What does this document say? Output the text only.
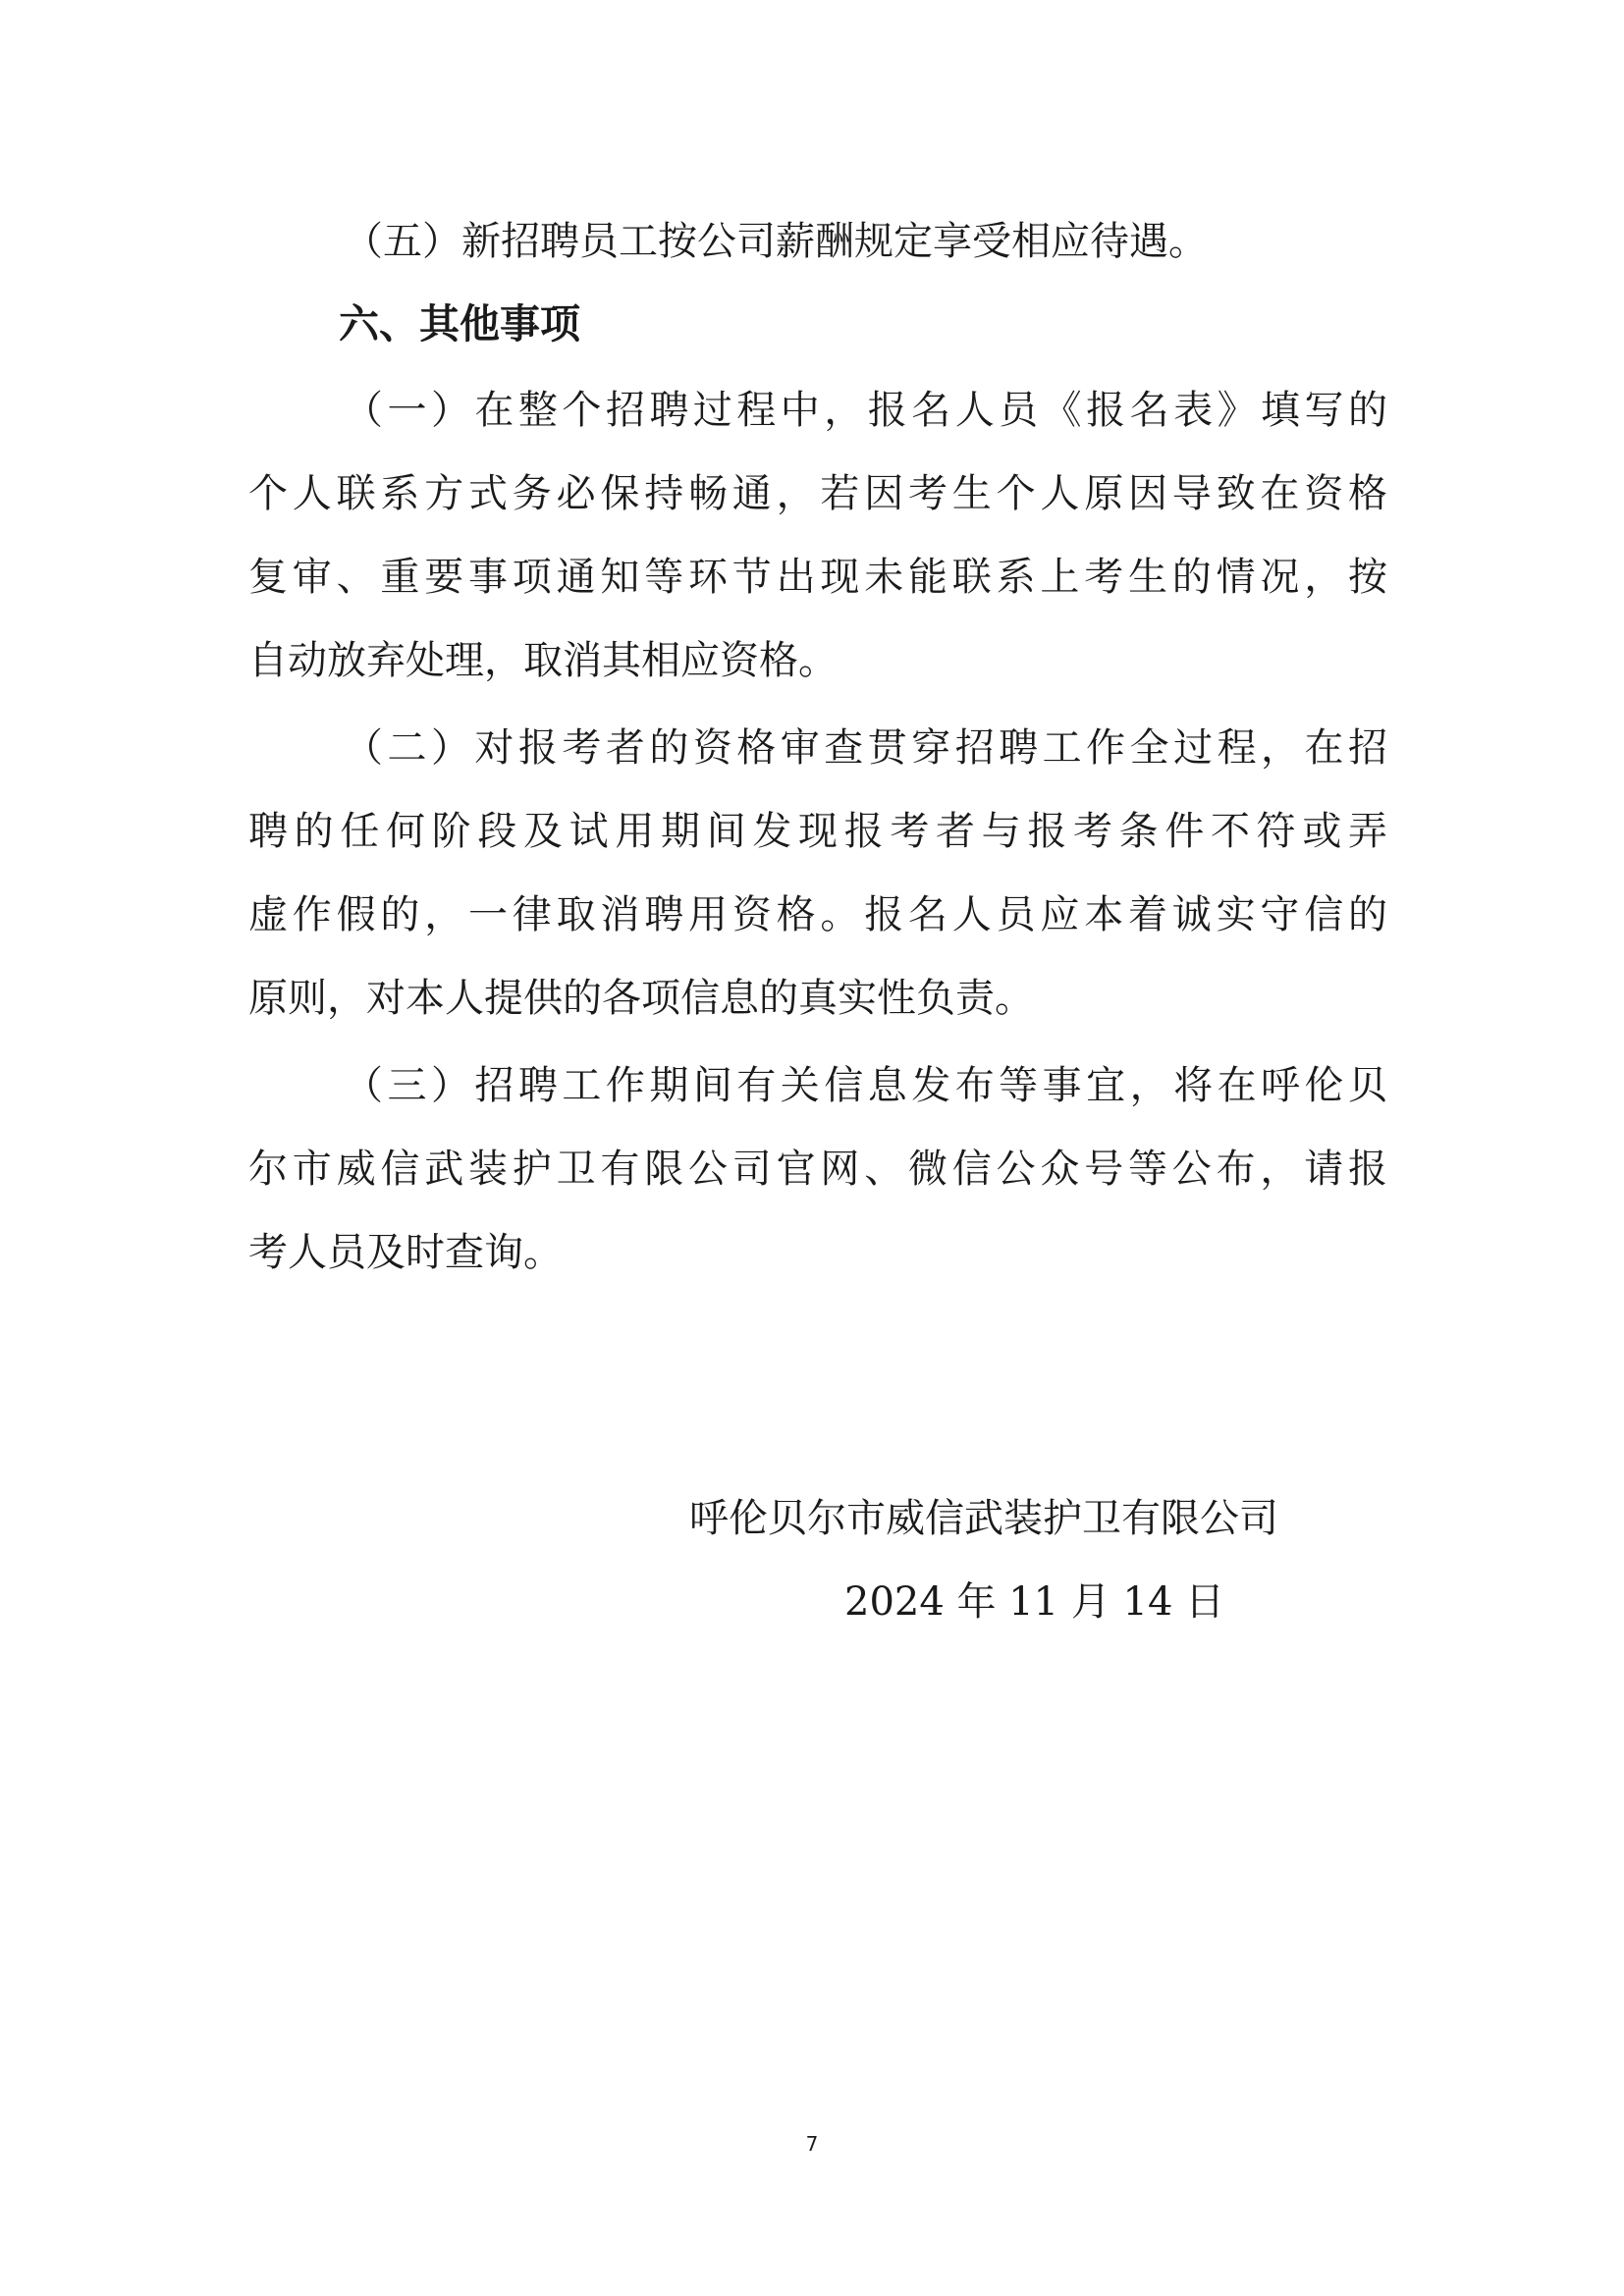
（五）新招聘员工按公司薪酬规定享受相应待遇。
六、其他事项
（一）在整个招聘过程中，报名人员《报名表》填写的
个人联系方式务必保持畅通，若因考生个人原因导致在资格
复审、重要事项通知等环节出现未能联系上考生的情况，按
自动放弃处理，取消其相应资格。
（二）对报考者的资格审查贯穿招聘工作全过程，在招
聘的任何阶段及试用期间发现报考者与报考条件不符或弄
虚作假的，一律取消聘用资格。报名人员应本着诚实守信的
原则，对本人提供的各项信息的真实性负责。
（三）招聘工作期间有关信息发布等事宜，将在呼伦贝
尔市威信武装护卫有限公司官网、微信公众号等公布，请报
考人员及时查询。
呼伦贝尔市威信武装护卫有限公司
2024 年 11 月 14 日
7
